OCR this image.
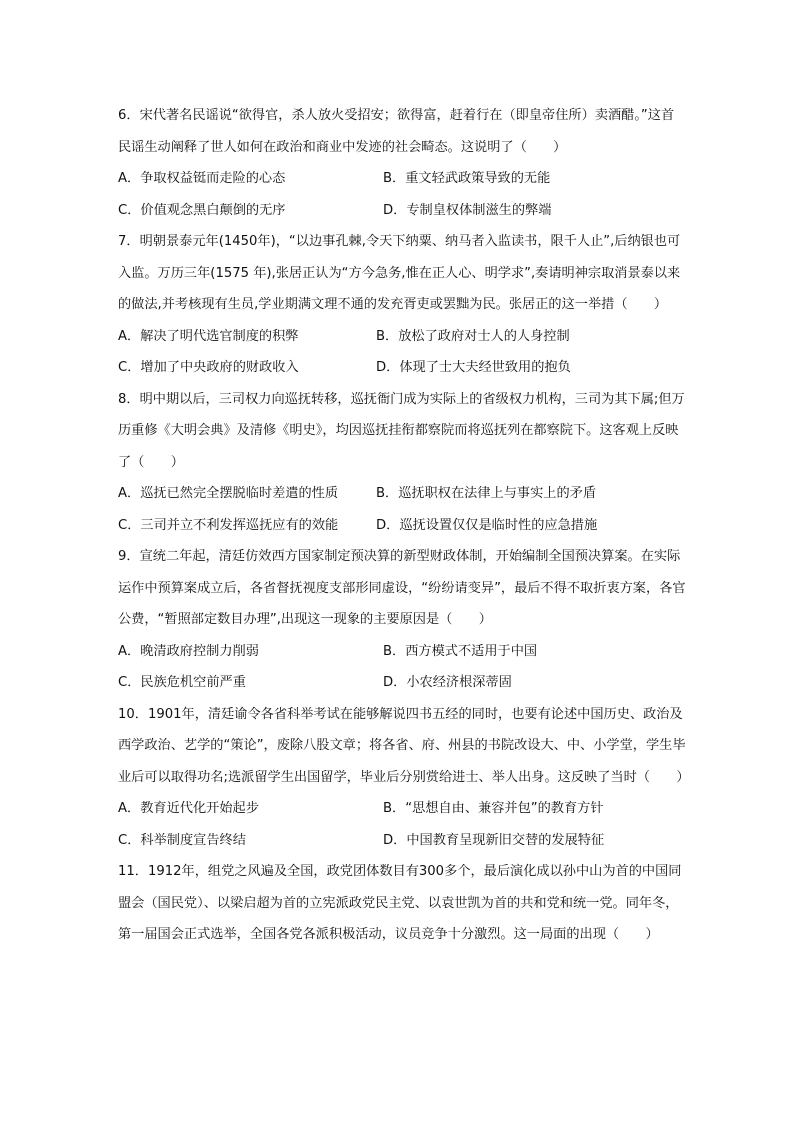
6．宋代著名民谣说“欲得官，杀人放火受招安；欲得富，赶着行在（即皇帝住所）卖酒醋。”这首民谣生动阐释了世人如何在政治和商业中发迹的社会畸态。这说明了（　　）

A．争取权益铤而走险的心态	B．重文轻武政策导致的无能
C．价值观念黑白颠倒的无序	D．专制皇权体制滋生的弊端

7．明朝景泰元年(1450年)，“以边事孔棘,令天下纳粟、纳马者入监读书，限千人止”,后纳银也可入监。万历三年(1575 年),张居正认为“方今急务,惟在正人心、明学求”,奏请明神宗取消景泰以来的做法,并考核现有生员,学业期满文理不通的发充胥吏或罢黜为民。张居正的这一举措（　　）

A．解决了明代选官制度的积弊	B．放松了政府对士人的人身控制
C．增加了中央政府的财政收入	D．体现了士大夫经世致用的抱负

8．明中期以后，三司权力向巡抚转移，巡抚衙门成为实际上的省级权力机构，三司为其下属;但万历重修《大明会典》及清修《明史》，均因巡抚挂衔都察院而将巡抚列在都察院下。这客观上反映了（　　）

A．巡抚已然完全摆脱临时差遣的性质	B．巡抚职权在法律上与事实上的矛盾
C．三司并立不利发挥巡抚应有的效能	D．巡抚设置仅仅是临时性的应急措施

9．宣统二年起，清廷仿效西方国家制定预决算的新型财政体制，开始编制全国预决算案。在实际运作中预算案成立后，各省督抚视度支部形同虚设，“纷纷请变异”，最后不得不取折衷方案，各官公费，“暂照部定数目办理”,出现这一现象的主要原因是（　　）

A．晚清政府控制力削弱	B．西方模式不适用于中国
C．民族危机空前严重	D．小农经济根深蒂固

10．1901年，清廷谕令各省科举考试在能够解说四书五经的同时，也要有论述中国历史、政治及西学政治、艺学的“策论”，废除八股文章；将各省、府、州县的书院改设大、中、小学堂，学生毕业后可以取得功名;选派留学生出国留学，毕业后分别赏给进士、举人出身。这反映了当时（　　）

A．教育近代化开始起步	B．“思想自由、兼容并包”的教育方针
C．科举制度宣告终结	D．中国教育呈现新旧交替的发展特征

11．1912年，组党之风遍及全国，政党团体数目有300多个，最后演化成以孙中山为首的中国同盟会（国民党）、以梁启超为首的立宪派政党民主党、以袁世凯为首的共和党和统一党。同年冬，第一届国会正式选举，全国各党各派积极活动，议员竞争十分激烈。这一局面的出现（　　）
